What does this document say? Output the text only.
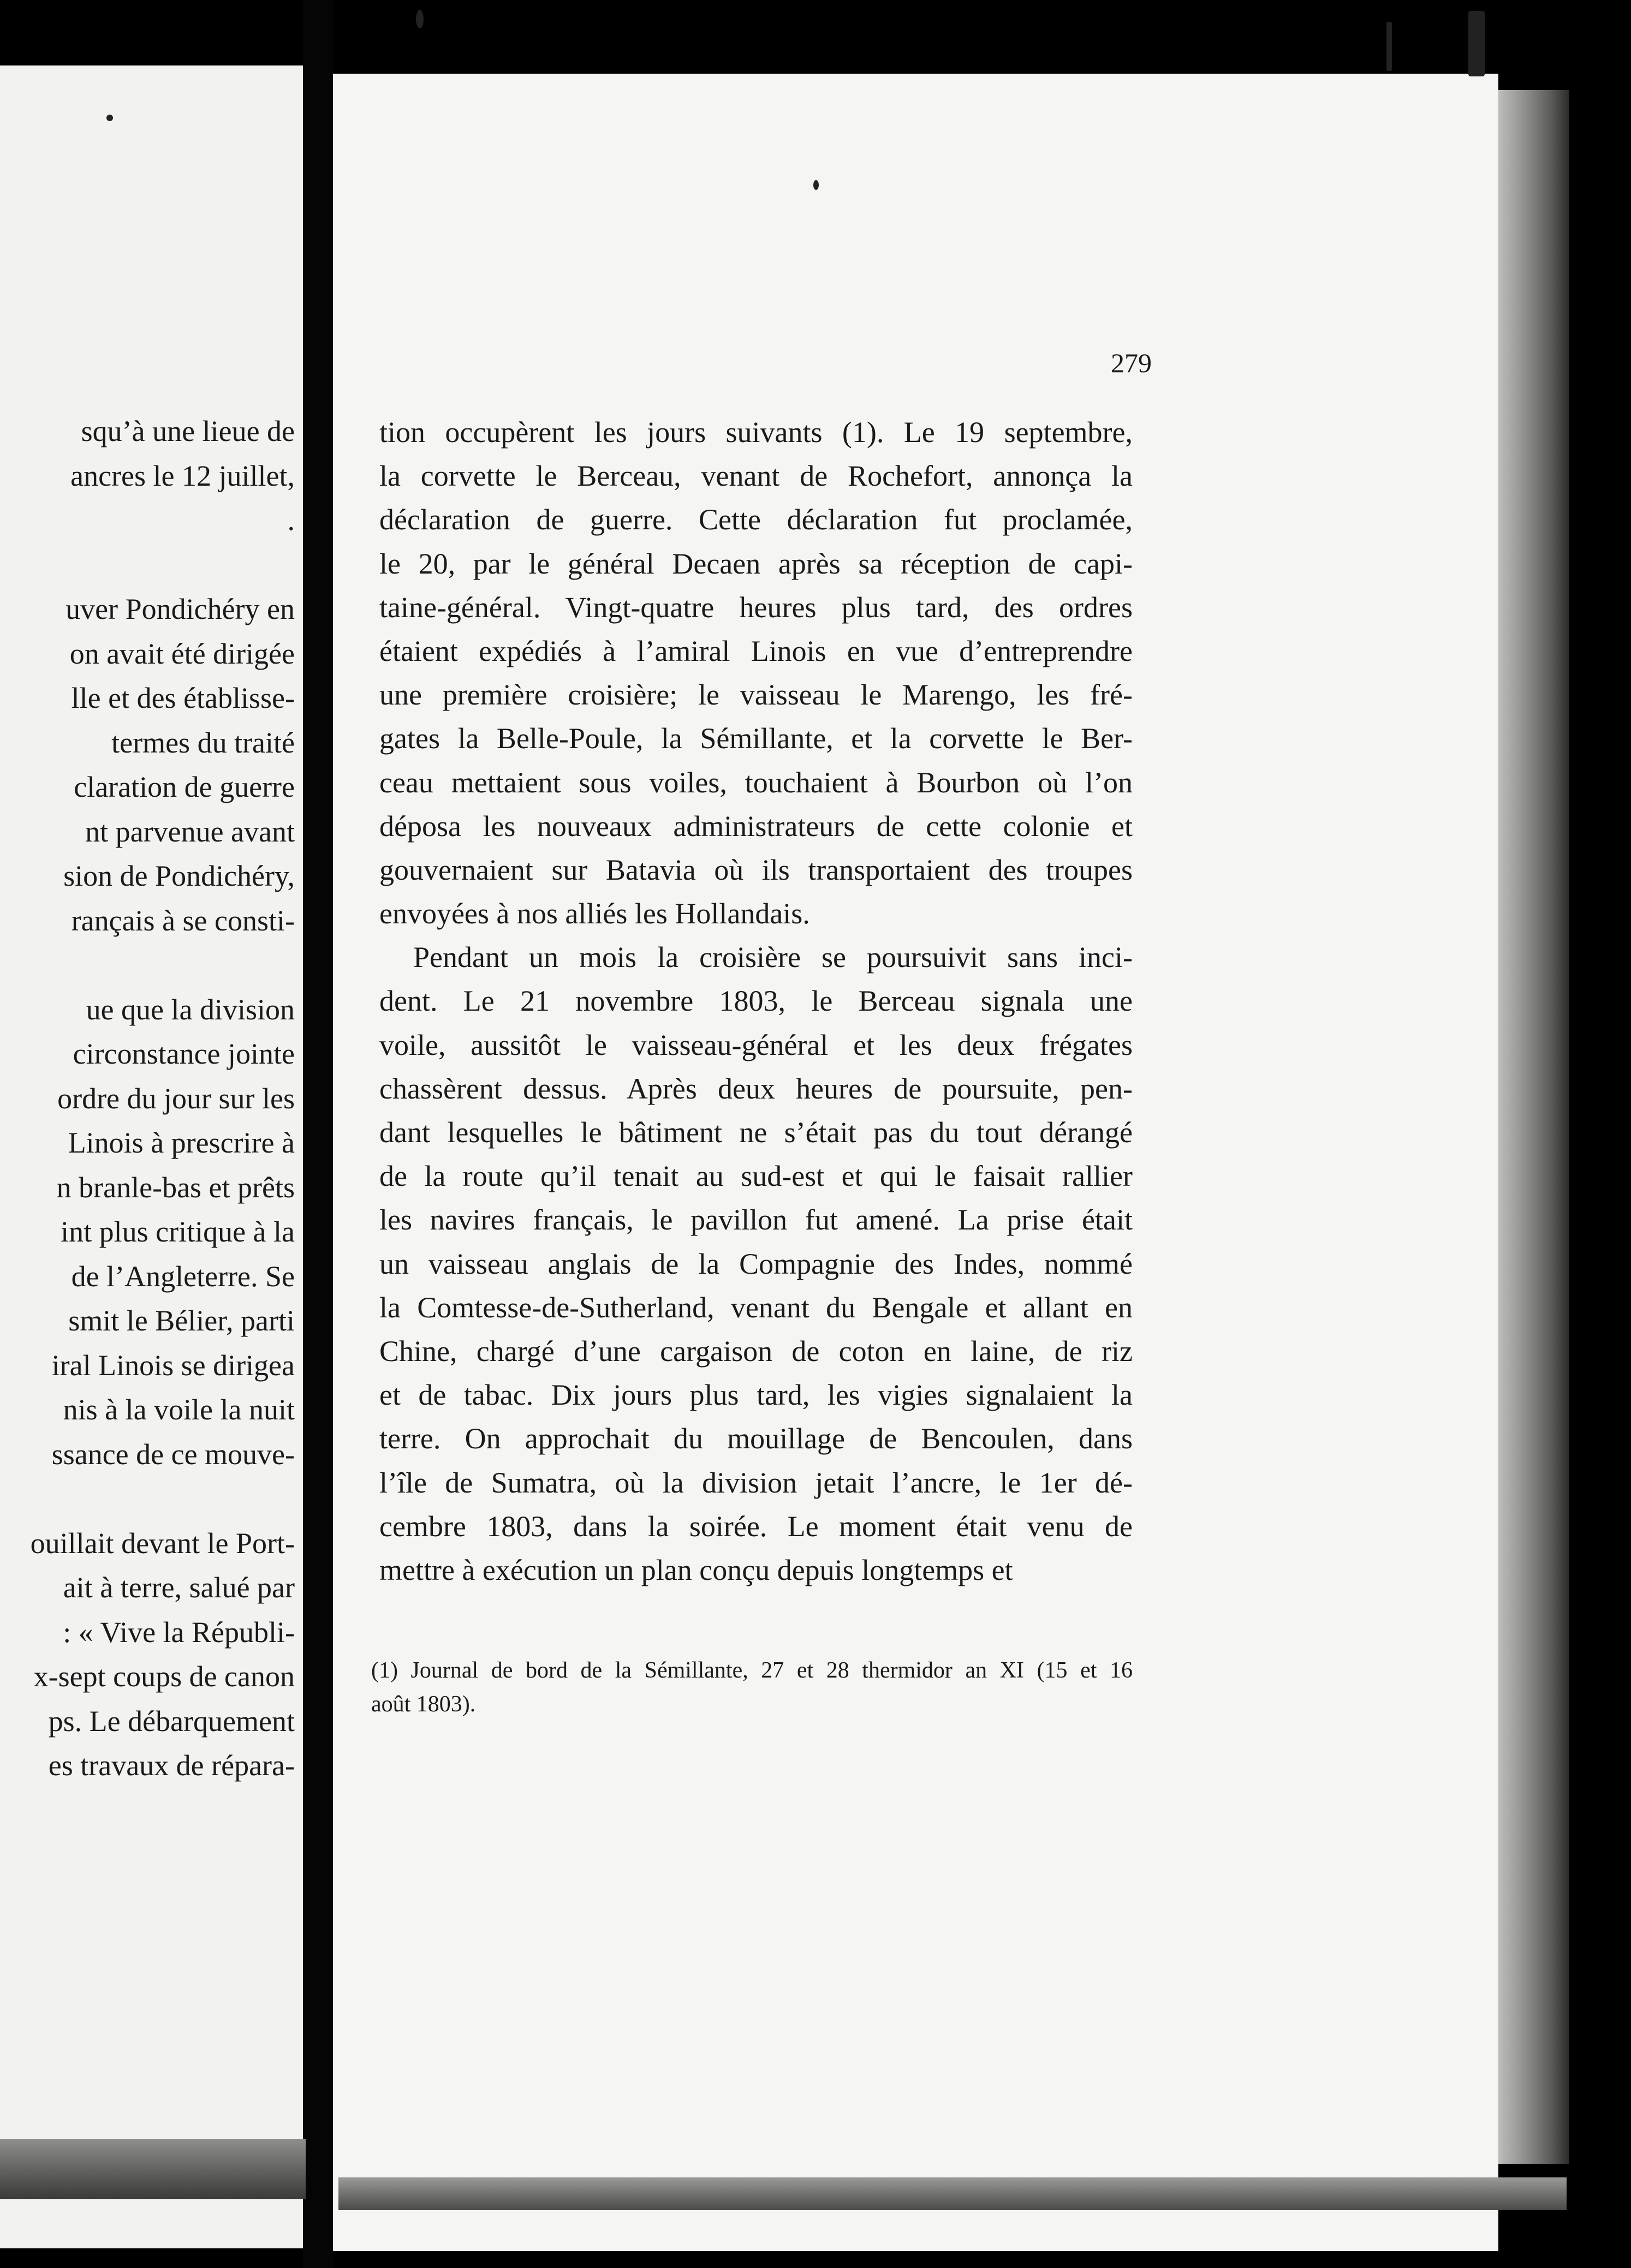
squ’à une lieue de
ancres le 12 juillet,
.
uver Pondichéry en
on avait été dirigée
lle et des établisse-
termes du traité
claration de guerre
nt parvenue avant
sion de Pondichéry,
rançais à se consti-
ue que la division
circonstance jointe
ordre du jour sur les
Linois à prescrire à
n branle-bas et prêts
int plus critique à la
de l’Angleterre. Se
smit le Bélier, parti
iral Linois se dirigea
nis à la voile la nuit
ssance de ce mouve-
ouillait devant le Port-
ait à terre, salué par
: « Vive la Républi-
x-sept coups de canon
ps. Le débarquement
es travaux de répara-
279
tion occupèrent les jours suivants (1). Le 19 septembre,
la corvette le Berceau, venant de Rochefort, annonça la
déclaration de guerre. Cette déclaration fut proclamée,
le 20, par le général Decaen après sa réception de capi-
taine-général. Vingt-quatre heures plus tard, des ordres
étaient expédiés à l’amiral Linois en vue d’entreprendre
une première croisière; le vaisseau le Marengo, les fré-
gates la Belle-Poule, la Sémillante, et la corvette le Ber-
ceau mettaient sous voiles, touchaient à Bourbon où l’on
déposa les nouveaux administrateurs de cette colonie et
gouvernaient sur Batavia où ils transportaient des troupes
envoyées à nos alliés les Hollandais.
Pendant un mois la croisière se poursuivit sans inci-
dent. Le 21 novembre 1803, le Berceau signala une
voile, aussitôt le vaisseau-général et les deux frégates
chassèrent dessus. Après deux heures de poursuite, pen-
dant lesquelles le bâtiment ne s’était pas du tout dérangé
de la route qu’il tenait au sud-est et qui le faisait rallier
les navires français, le pavillon fut amené. La prise était
un vaisseau anglais de la Compagnie des Indes, nommé
la Comtesse-de-Sutherland, venant du Bengale et allant en
Chine, chargé d’une cargaison de coton en laine, de riz
et de tabac. Dix jours plus tard, les vigies signalaient la
terre. On approchait du mouillage de Bencoulen, dans
l’île de Sumatra, où la division jetait l’ancre, le 1er dé-
cembre 1803, dans la soirée. Le moment était venu de
mettre à exécution un plan conçu depuis longtemps et
(1) Journal de bord de la Sémillante, 27 et 28 thermidor an XI (15 et 16
août 1803).
